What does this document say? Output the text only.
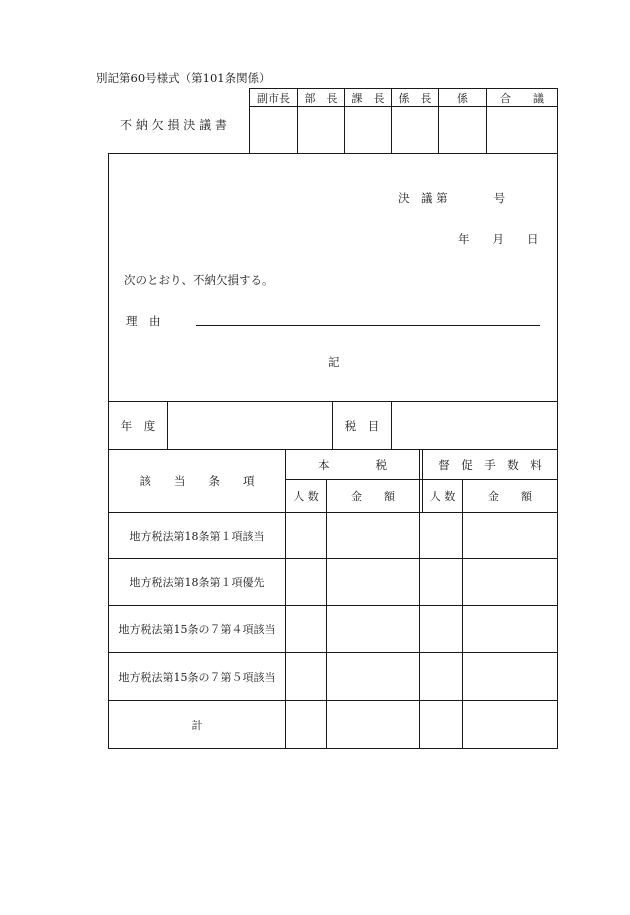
別記第60号様式（第101条関係）
副市長	部　長	課　長	係　長	係	合　　議
不 納 欠 損 決 議 書
決　議 第　　　　号
年　　月　　日
次のとおり、不納欠損する。
理　由
記
年　度	税　目
該　　当　　条　　項
本　　　　税	督　促　手　数　料
人 数	金　　額	人 数	金　　額
地方税法第18条第１項該当
地方税法第18条第１項優先
地方税法第15条の７第４項該当
地方税法第15条の７第５項該当
計
